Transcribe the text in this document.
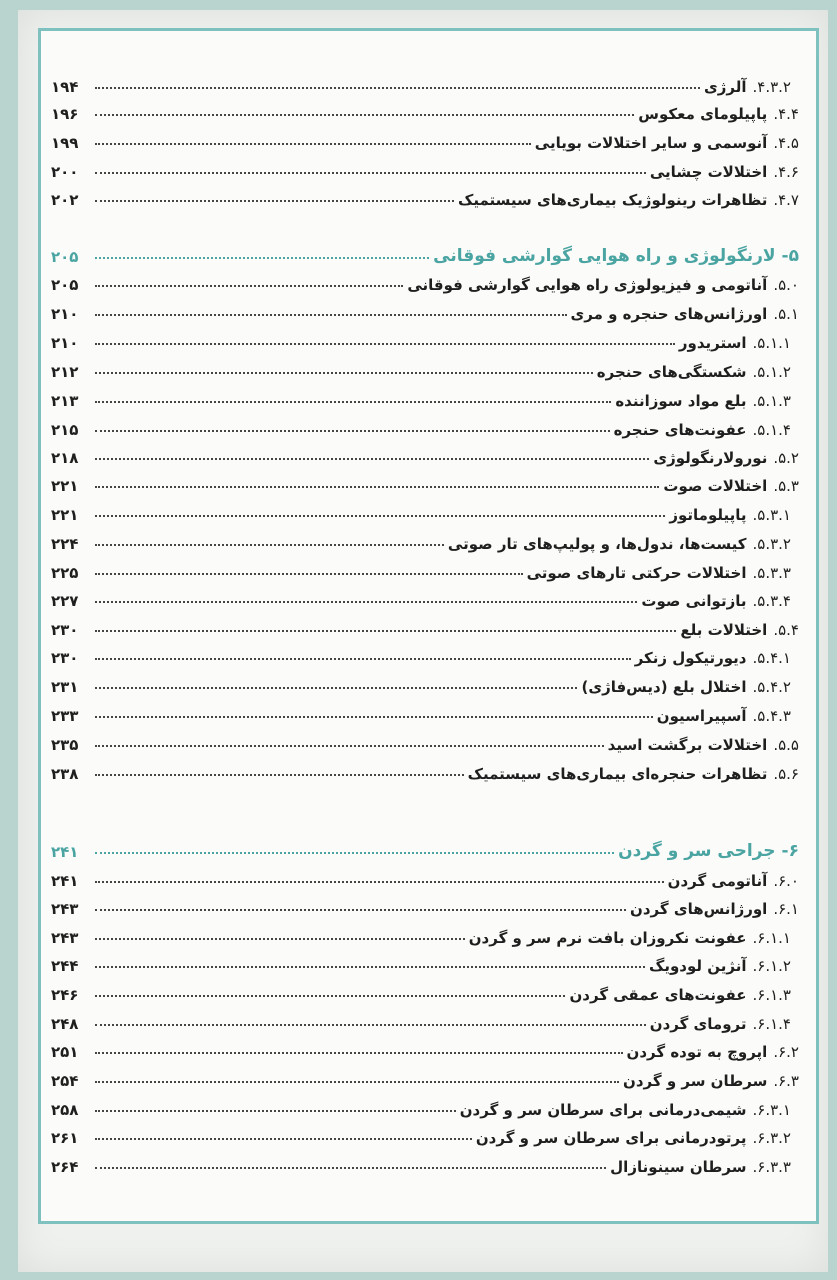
۴.۳.۲.
آلرژی
۱۹۴
۴.۴.
پاپیلومای معکوس
۱۹۶
۴.۵.
آنوسمی و سایر اختلالات بویایی
۱۹۹
۴.۶.
اختلالات چشایی
۲۰۰
۴.۷.
تظاهرات رینولوژیک بیماری‌های سیستمیک
۲۰۲
۵-
لارنگولوژی و راه هوایی گوارشی فوقانی
۲۰۵
۵.۰.
آناتومی و فیزیولوژی راه هوایی گوارشی فوقانی
۲۰۵
۵.۱.
اورژانس‌های حنجره و مری
۲۱۰
۵.۱.۱.
استریدور
۲۱۰
۵.۱.۲.
شکستگی‌های حنجره
۲۱۲
۵.۱.۳.
بلع مواد سوزاننده
۲۱۳
۵.۱.۴.
عفونت‌های حنجره
۲۱۵
۵.۲.
نورولارنگولوژی
۲۱۸
۵.۳.
اختلالات صوت
۲۲۱
۵.۳.۱.
پاپیلوماتوز
۲۲۱
۵.۳.۲.
کیست‌ها، ندول‌ها، و پولیپ‌های تار صوتی
۲۲۴
۵.۳.۳.
اختلالات حرکتی تارهای صوتی
۲۲۵
۵.۳.۴.
بازتوانی صوت
۲۲۷
۵.۴.
اختلالات بلع
۲۳۰
۵.۴.۱.
دیورتیکول زنکر
۲۳۰
۵.۴.۲.
اختلال بلع (دیس‌فاژی)
۲۳۱
۵.۴.۳.
آسپیراسیون
۲۳۳
۵.۵.
اختلالات برگشت اسید
۲۳۵
۵.۶.
تظاهرات حنجره‌ای بیماری‌های سیستمیک
۲۳۸
۶-
جراحی سر و گردن
۲۴۱
۶.۰.
آناتومی گردن
۲۴۱
۶.۱.
اورژانس‌های گردن
۲۴۳
۶.۱.۱.
عفونت نکروزان بافت نرم سر و گردن
۲۴۳
۶.۱.۲.
آنژین لودویگ
۲۴۴
۶.۱.۳.
عفونت‌های عمقی گردن
۲۴۶
۶.۱.۴.
ترومای گردن
۲۴۸
۶.۲.
اپروچ به توده گردن
۲۵۱
۶.۳.
سرطان سر و گردن
۲۵۴
۶.۳.۱.
شیمی‌درمانی برای سرطان سر و گردن
۲۵۸
۶.۳.۲.
پرتودرمانی برای سرطان سر و گردن
۲۶۱
۶.۳.۳.
سرطان سینونازال
۲۶۴
